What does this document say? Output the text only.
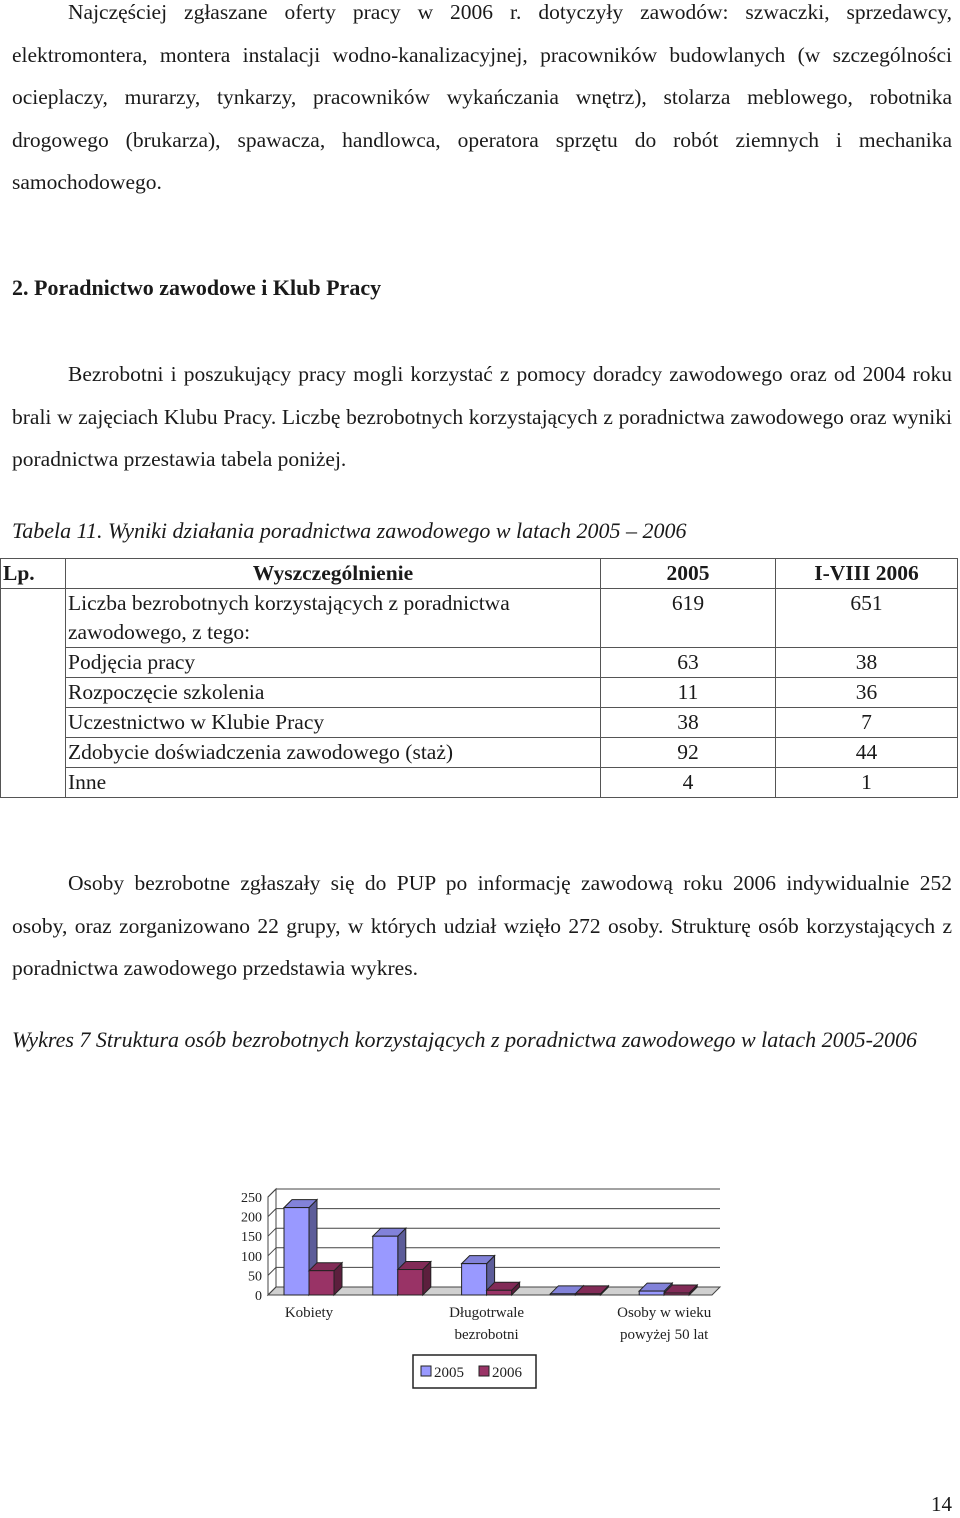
Najczęściej zgłaszane oferty pracy w 2006 r. dotyczyły zawodów: szwaczki, sprzedawcy, elektromontera, montera instalacji wodno-kanalizacyjnej, pracowników budowlanych (w szczególności ocieplaczy, murarzy, tynkarzy, pracowników wykańczania wnętrz), stolarza meblowego, robotnika drogowego (brukarza), spawacza, handlowca, operatora sprzętu do robót ziemnych i mechanika samochodowego.

2. Poradnictwo zawodowe i Klub Pracy

Bezrobotni i poszukujący pracy mogli korzystać z pomocy doradcy zawodowego oraz od 2004 roku brali w zajęciach Klubu Pracy. Liczbę bezrobotnych korzystających z poradnictwa zawodowego oraz wyniki poradnictwa przestawia tabela poniżej.

Tabela 11. Wyniki działania poradnictwa zawodowego w latach 2005 – 2006

Lp.	Wyszczególnienie	2005	I-VIII 2006
	Liczba bezrobotnych korzystających z poradnictwa zawodowego, z tego:	619	651
	Podjęcia pracy	63	38
	Rozpoczęcie szkolenia	11	36
	Uczestnictwo w Klubie Pracy	38	7
	Zdobycie doświadczenia zawodowego (staż)	92	44
	Inne	4	1

Osoby bezrobotne zgłaszały się do PUP po informację zawodową roku 2006 indywidualnie 252 osoby, oraz zorganizowano 22 grupy, w których udział wzięło 272 osoby. Strukturę osób korzystających z poradnictwa zawodowego przedstawia wykres.

Wykres 7 Struktura osób bezrobotnych korzystających z poradnictwa zawodowego w latach 2005-2006

250
200
150
100
50
0
Kobiety	Długotrwale
bezrobotni
Osoby w wieku
powyżej 50 lat
2005 2006

14
